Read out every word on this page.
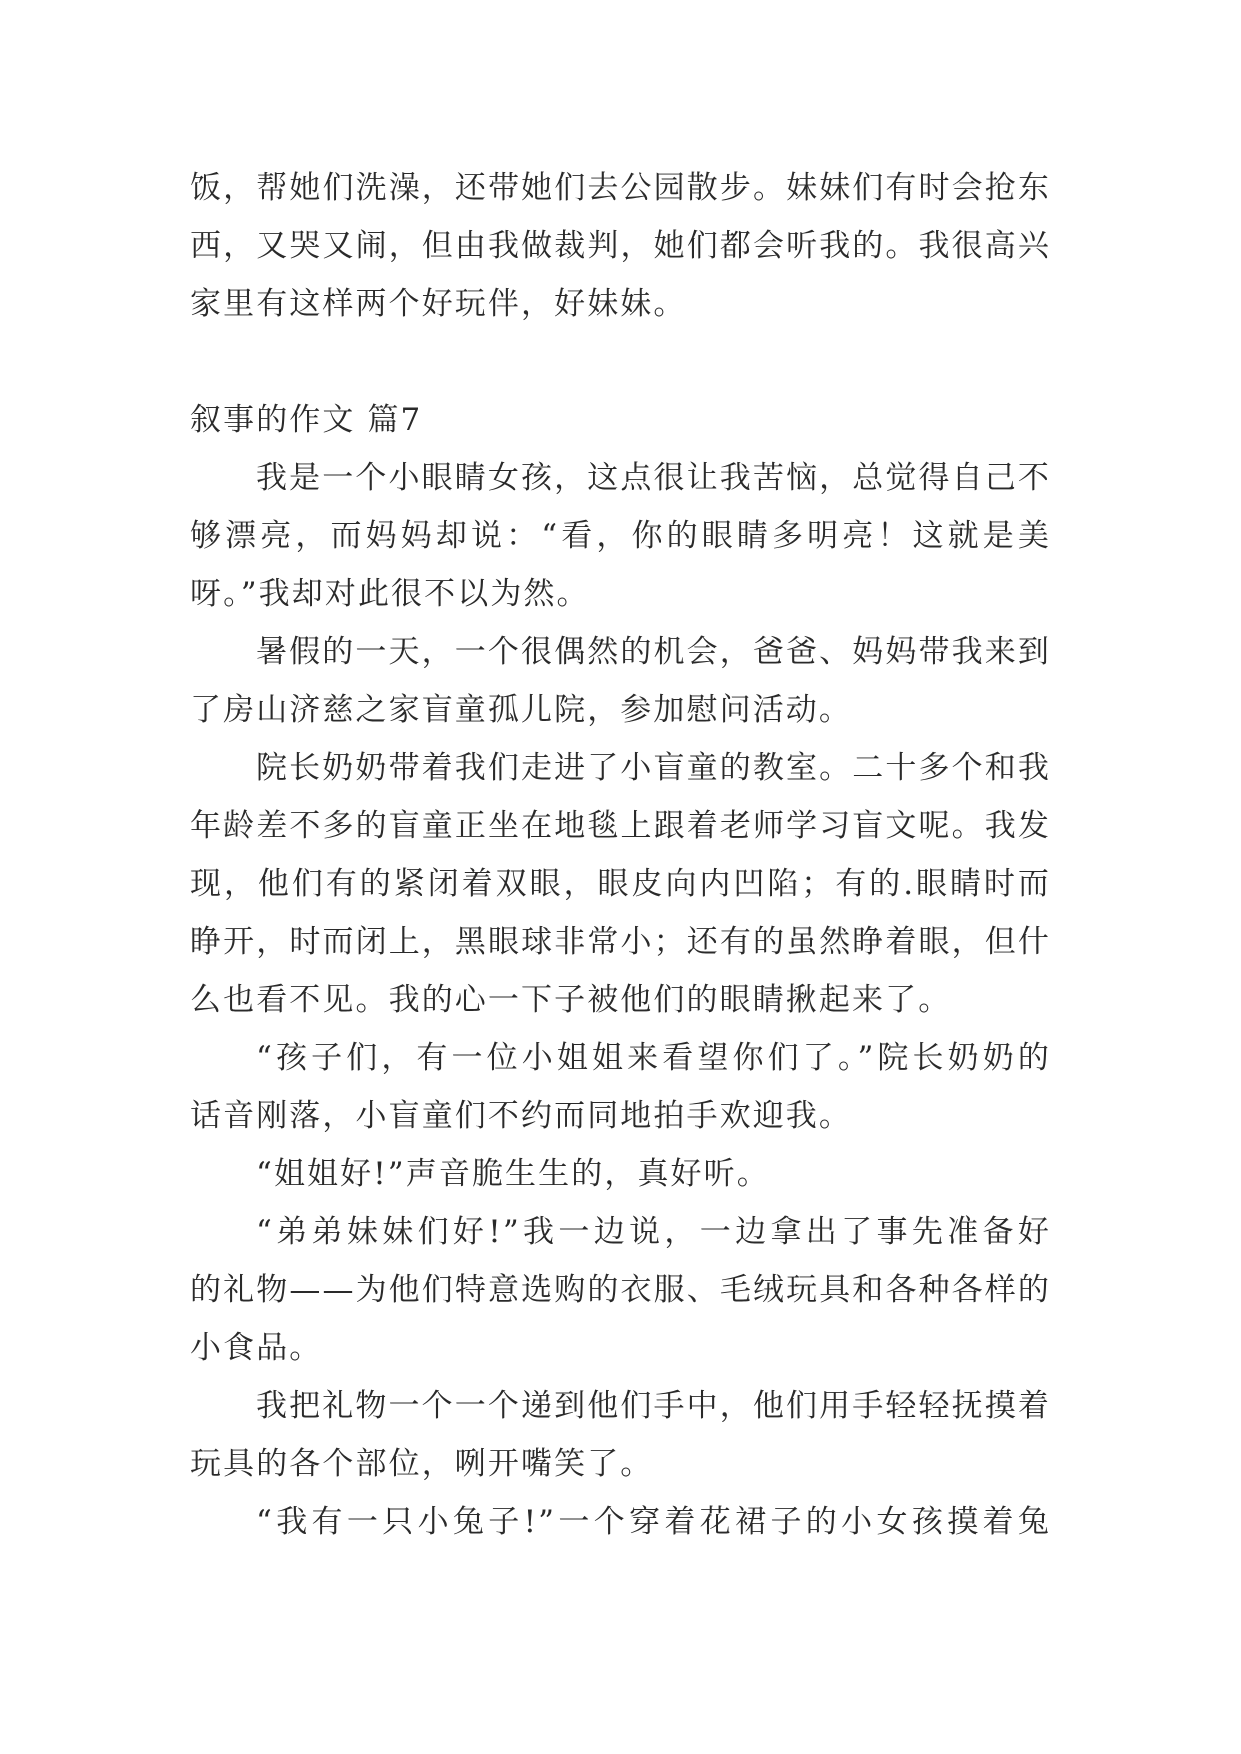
饭，帮她们洗澡，还带她们去公园散步。妹妹们有时会抢东
西，又哭又闹，但由我做裁判，她们都会听我的。我很高兴
家里有这样两个好玩伴，好妹妹。
叙事的作文 篇7
我是一个小眼睛女孩，这点很让我苦恼，总觉得自己不
够漂亮，而妈妈却说：“看，你的眼睛多明亮！这就是美
呀。”我却对此很不以为然。
暑假的一天，一个很偶然的机会，爸爸、妈妈带我来到
了房山济慈之家盲童孤儿院，参加慰问活动。
院长奶奶带着我们走进了小盲童的教室。二十多个和我
年龄差不多的盲童正坐在地毯上跟着老师学习盲文呢。我发
现，他们有的紧闭着双眼，眼皮向内凹陷；有的.眼睛时而
睁开，时而闭上，黑眼球非常小；还有的虽然睁着眼，但什
么也看不见。我的心一下子被他们的眼睛揪起来了。
“孩子们，有一位小姐姐来看望你们了。”院长奶奶的
话音刚落，小盲童们不约而同地拍手欢迎我。
“姐姐好!”声音脆生生的，真好听。
“弟弟妹妹们好!”我一边说，一边拿出了事先准备好
的礼物——为他们特意选购的衣服、毛绒玩具和各种各样的
小食品。
我把礼物一个一个递到他们手中，他们用手轻轻抚摸着
玩具的各个部位，咧开嘴笑了。
“我有一只小兔子!”一个穿着花裙子的小女孩摸着兔
